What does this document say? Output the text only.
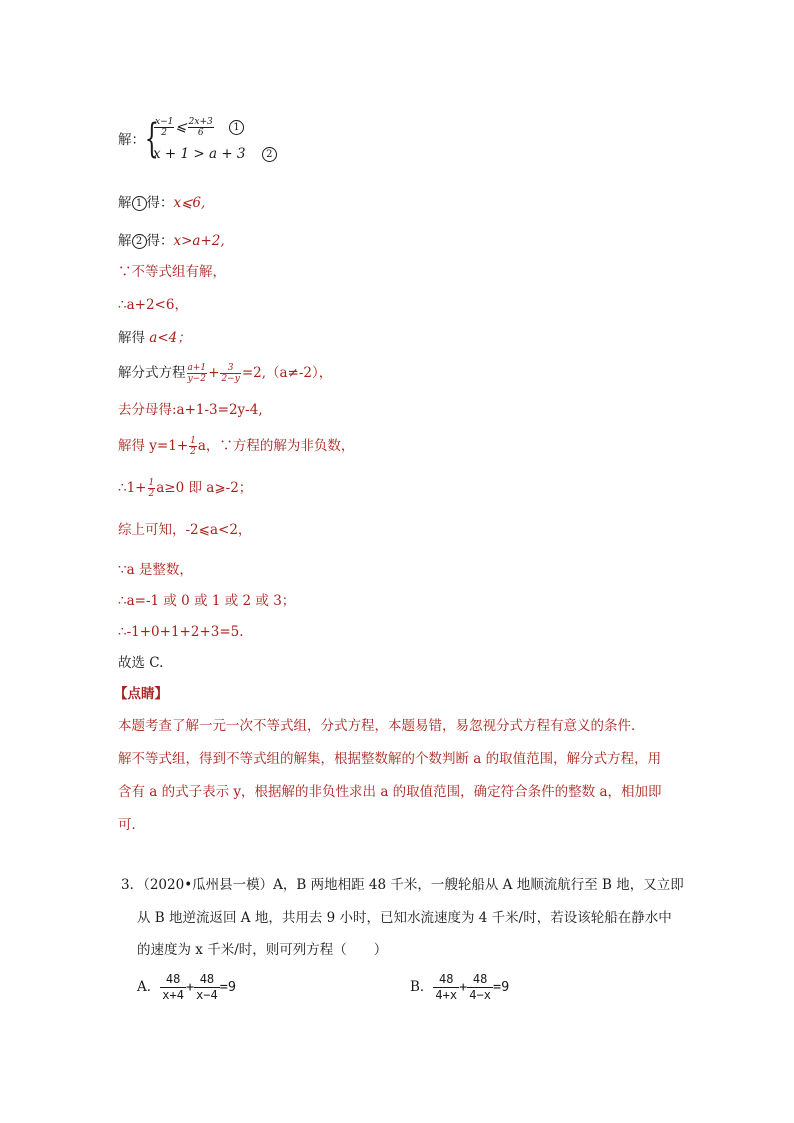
解： {
$\frac{x-1}{2}$ ⩽ $\frac{2x+3}{6} 1$
x + 1 > a + 3 2
解 1 得：x⩽6,
解 2 得：x>a+2,
∵不等式组有解，
∴a+2<6，
解得 a<4；
解分式方程 $\frac{a+1}{y-2} + \frac{3}{2-y} =2,(a\ne-2)$，
去分母得:a+1-3=2y-4,
解得 $y=1+ \frac{1}{2}$ a，∵方程的解为非负数，
∴1+ $\frac{1}{2} a\ge 0$ 即 a⩾-2；
综上可知，-2⩽a<2，
∵a 是整数，
∴a=-1 或 0 或 1 或 2 或 3；
∴-1+0+1+2+3=5.
故选 C.
【点睛】
本题考查了解一元一次不等式组，分式方程，本题易错，易忽视分式方程有意义的条件．
解不等式组，得到不等式组的解集，根据整数解的个数判断 a 的取值范围，解分式方程，用
含有 a 的式子表示 y，根据解的非负性求出 a 的取值范围，确定符合条件的整数 a，相加即
可．
3．（2020•瓜州县一模）A，B 两地相距 48 千米，一艘轮船从 A 地顺流航行至 B 地，又立即
从 B 地逆流返回 A 地，共用去 9 小时，已知水流速度为 4 千米/时，若设该轮船在静水中
的速度为 x 千米/时，则可列方程（　　）
A． $\frac{48}{x+4} + \frac{48}{x-4} =9$	B． $\frac{48}{4+x} + \frac{48}{4-x} =9$
